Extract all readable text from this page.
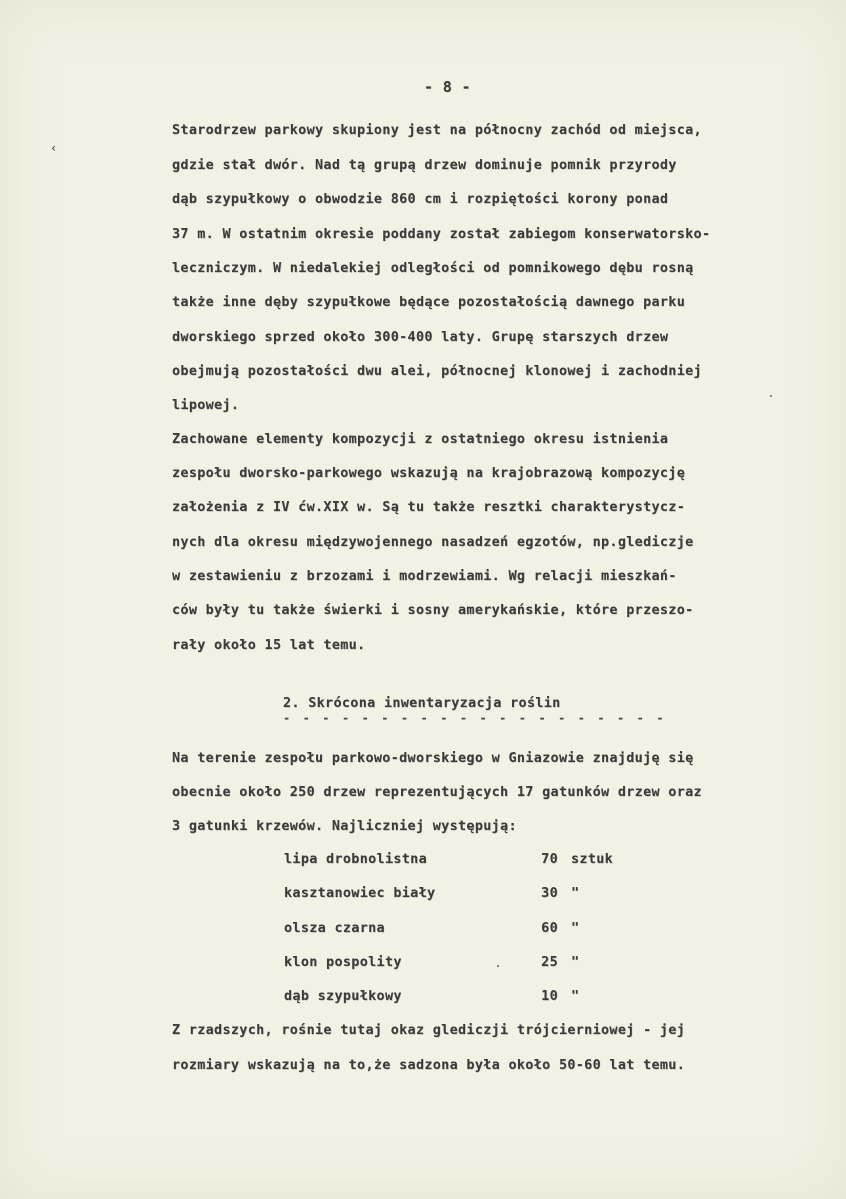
‹
- 8 -
Starodrzew parkowy skupiony jest na północny zachód od miejsca,
gdzie stał dwór. Nad tą grupą drzew dominuje pomnik przyrody
dąb szypułkowy o obwodzie 860 cm i rozpiętości korony ponad
37 m. W ostatnim okresie poddany został zabiegom konserwatorsko-
leczniczym. W niedalekiej odległości od pomnikowego dębu rosną
także inne dęby szypułkowe będące pozostałością dawnego parku
dworskiego sprzed około 300-400 laty. Grupę starszych drzew
obejmują pozostałości dwu alei, północnej klonowej i zachodniej
lipowej.
Zachowane elementy kompozycji z ostatniego okresu istnienia
zespołu dworsko-parkowego wskazują na krajobrazową kompozycję
założenia z IV ćw.XIX w. Są tu także resztki charakterystycz-
nych dla okresu międzywojennego nasadzeń egzotów, np.glediczje
w zestawieniu z brzozami i modrzewiami. Wg relacji mieszkań-
ców były tu także świerki i sosny amerykańskie, które przeszo-
rały około 15 lat temu.
2. Skrócona inwentaryzacja roślin
- - - - - - - - - - - - - - - - - - - -
Na terenie zespołu parkowo-dworskiego w Gniazowie znajduję się
obecnie około 250 drzew reprezentujących 17 gatunków drzew oraz
3 gatunki krzewów. Najliczniej występują:
lipa drobnolistna	70 sztuk
kasztanowiec biały	30 "
olsza czarna	60 "
klon pospolity	25 "
dąb szypułkowy	10 "
Z rzadszych, rośnie tutaj okaz glediczji trójcierniowej - jej
rozmiary wskazują na to,że sadzona była około 50-60 lat temu.
